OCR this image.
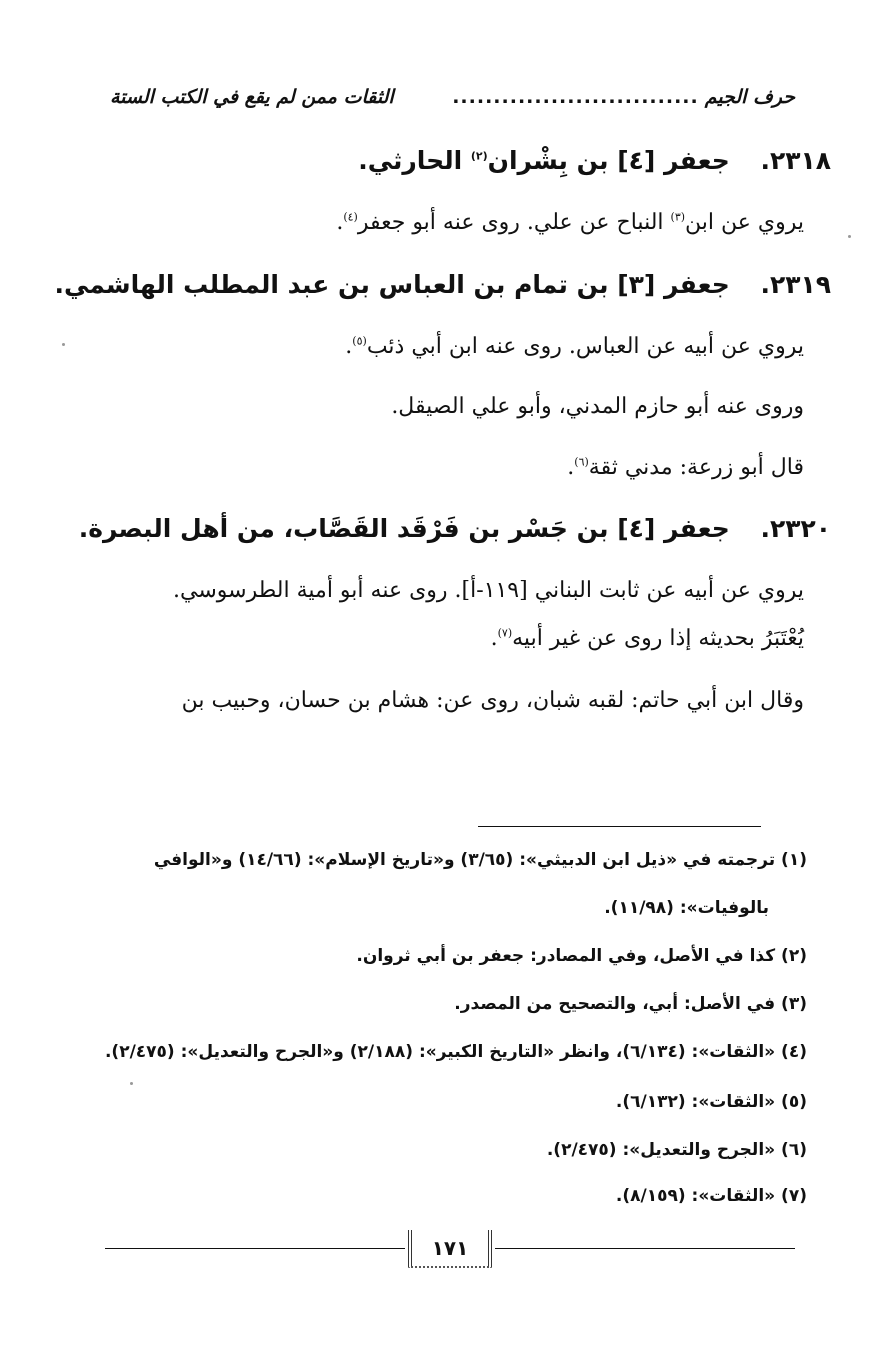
حرف الجيم
..............................
الثقات ممن لم يقع في الكتب الستة
٢٣١٨. جعفر [٤] بن بِشْران$^{(٢)}$ الحارثي.
يروي عن ابن$^{(٣)}$ النباح عن علي. روى عنه أبو جعفر$^{(٤)}$.
٢٣١٩. جعفر [٣] بن تمام بن العباس بن عبد المطلب الهاشمي.
يروي عن أبيه عن العباس. روى عنه ابن أبي ذئب$^{(٥)}$.
وروى عنه أبو حازم المدني، وأبو علي الصيقل.
قال أبو زرعة: مدني ثقة$^{(٦)}$.
٢٣٢٠. جعفر [٤] بن جَسْر بن فَرْقَد القَصَّاب، من أهل البصرة.
يروي عن أبيه عن ثابت البناني [١١٩-أ]. روى عنه أبو أمية الطرسوسي.
يُعْتَبَرُ بحديثه إذا روى عن غير أبيه$^{(٧)}$.
وقال ابن أبي حاتم: لقبه شبان، روى عن: هشام بن حسان، وحبيب بن
(١) ترجمته في «ذيل ابن الدبيثي»: (٣/٦٥) و«تاريخ الإسلام»: (١٤/٦٦) و«الوافي
بالوفيات»: (١١/٩٨).
(٢) كذا في الأصل، وفي المصادر: جعفر بن أبي ثروان.
(٣) في الأصل: أبي، والتصحيح من المصدر.
(٤) «الثقات»: (٦/١٣٤)، وانظر «التاريخ الكبير»: (٢/١٨٨) و«الجرح والتعديل»: (٢/٤٧٥).
(٥) «الثقات»: (٦/١٣٢).
(٦) «الجرح والتعديل»: (٢/٤٧٥).
(٧) «الثقات»: (٨/١٥٩).
١٧١
